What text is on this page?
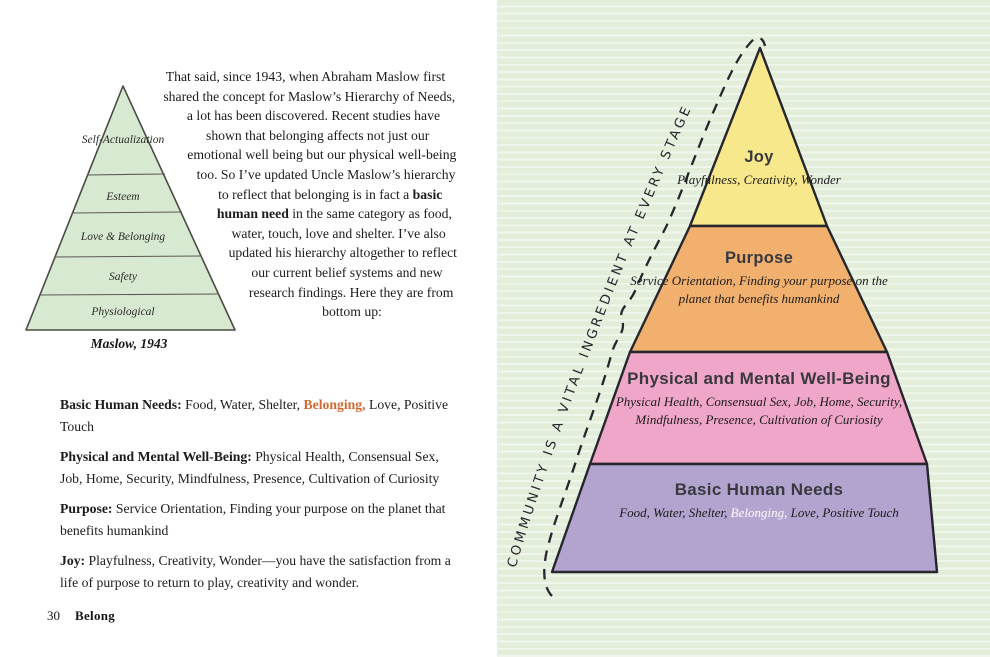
Self-Actualization
Esteem
Love & Belonging
Safety
Physiological
Maslow, 1943
That said, since 1943, when Abraham Maslow first shared the concept for Maslow’s Hierarchy of Needs, a lot has been discovered. Recent studies have shown that belonging affects not just our emotional well being but our physical well-being too. So I’ve updated Uncle Maslow’s hierarchy to reflect that belonging is in fact a basic human need in the same category as food, water, touch, love and shelter. I’ve also updated his hierarchy altogether to reflect our current belief systems and new research findings. Here they are from bottom up:

Basic Human Needs: Food, Water, Shelter, Belonging, Love, Positive Touch

Physical and Mental Well-Being: Physical Health, Consensual Sex, Job, Home, Security, Mindfulness, Presence, Cultivation of Curiosity

Purpose: Service Orientation, Finding your purpose on the planet that benefits humankind

Joy: Playfulness, Creativity, Wonder—you have the satisfaction from a life of purpose to return to play, creativity and wonder.

30 Belong
COMMUNITY IS A VITAL INGREDIENT AT EVERY STAGE
Joy
Playfulness, Creativity, Wonder
Purpose
Service Orientation, Finding your purpose on the planet that benefits humankind
Physical and Mental Well-Being
Physical Health, Consensual Sex, Job, Home, Security, Mindfulness, Presence, Cultivation of Curiosity
Basic Human Needs
Food, Water, Shelter, Belonging, Love, Positive Touch
